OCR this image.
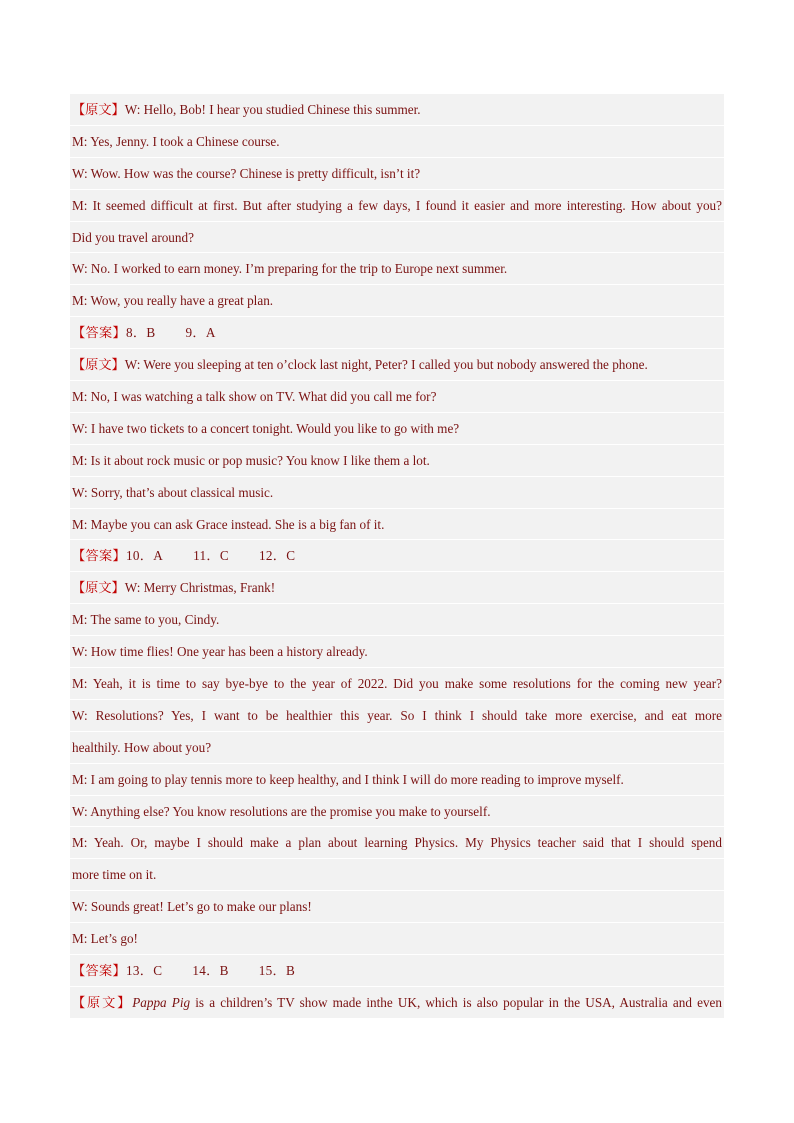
【原文】W: Hello, Bob! I hear you studied Chinese this summer.
M: Yes, Jenny. I took a Chinese course.
W: Wow. How was the course? Chinese is pretty difficult, isn’t it?
M: It seemed difficult at first. But after studying a few days, I found it easier and more interesting. How about you?
Did you travel around?
W: No. I worked to earn money. I’m preparing for the trip to Europe next summer.
M: Wow, you really have a great plan.
【答案】8．B 9．A
【原文】W: Were you sleeping at ten o’clock last night, Peter? I called you but nobody answered the phone.
M: No, I was watching a talk show on TV. What did you call me for?
W: I have two tickets to a concert tonight. Would you like to go with me?
M: Is it about rock music or pop music? You know I like them a lot.
W: Sorry, that’s about classical music.
M: Maybe you can ask Grace instead. She is a big fan of it.
【答案】10．A 11．C 12．C
【原文】W: Merry Christmas, Frank!
M: The same to you, Cindy.
W: How time flies! One year has been a history already.
M: Yeah, it is time to say bye-bye to the year of 2022. Did you make some resolutions for the coming new year?
W: Resolutions? Yes, I want to be healthier this year. So I think I should take more exercise, and eat more
healthily. How about you?
M: I am going to play tennis more to keep healthy, and I think I will do more reading to improve myself.
W: Anything else? You know resolutions are the promise you make to yourself.
M: Yeah. Or, maybe I should make a plan about learning Physics. My Physics teacher said that I should spend
more time on it.
W: Sounds great! Let’s go to make our plans!
M: Let’s go!
【答案】13．C 14．B 15．B
【原文】Pappa Pig is a children’s TV show made inthe UK, which is also popular in the USA, Australia and even
